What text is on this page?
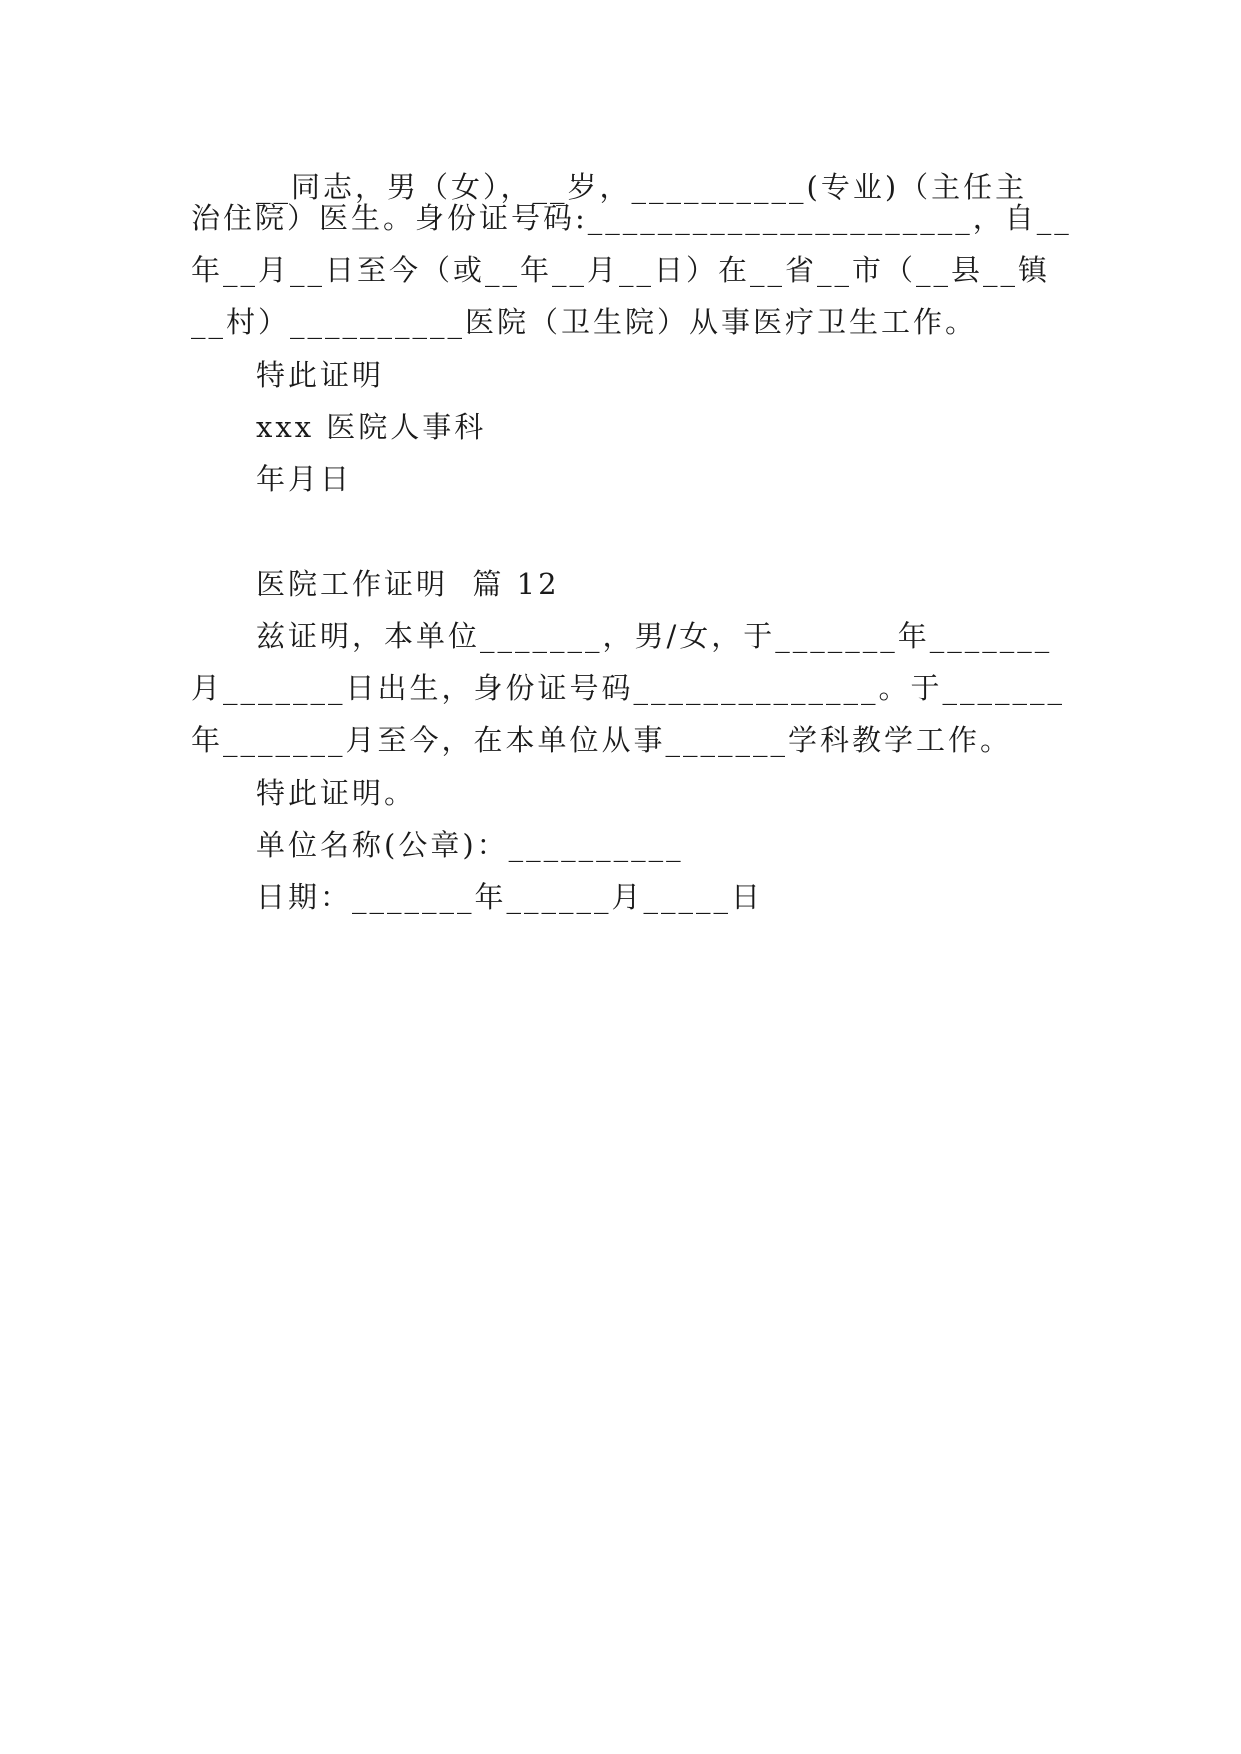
__同志，男（女），__岁，__________(专业)（主任主
治住院）医生。身份证号码:______________________，自__
年__月__日至今（或__年__月__日）在__省__市（__县__镇
__村）__________医院（卫生院）从事医疗卫生工作。
特此证明
xxx 医院人事科
年月日
医院工作证明  篇 12
兹证明，本单位_______，男/女，于_______年_______
月_______日出生，身份证号码______________。于_______
年_______月至今，在本单位从事_______学科教学工作。
特此证明。
单位名称(公章)：__________
日期：_______年______月_____日
